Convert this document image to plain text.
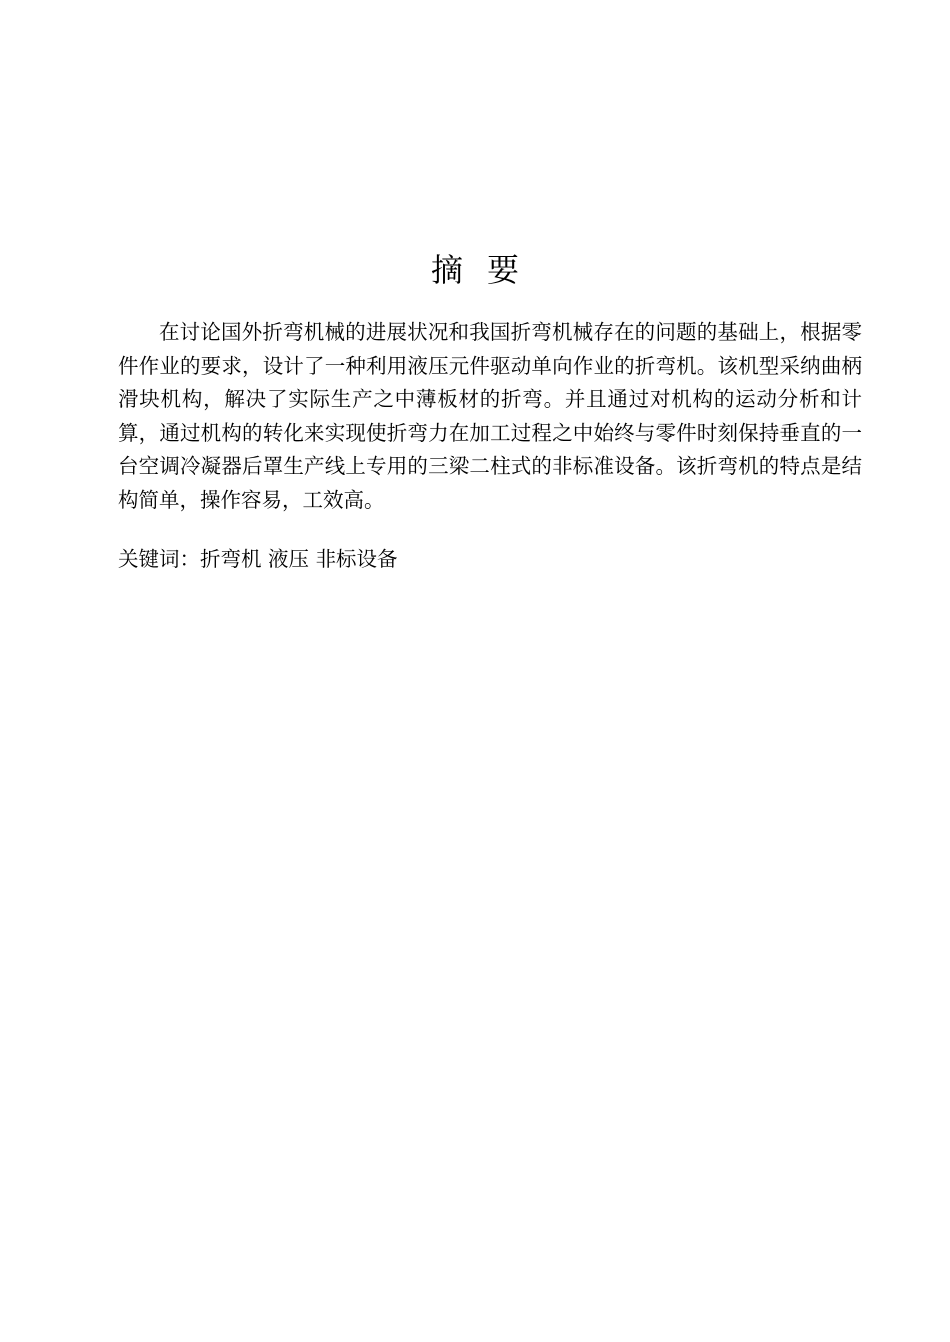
摘要

在讨论国外折弯机械的进展状况和我国折弯机械存在的问题的基础上，根据零件作业的要求，设计了一种利用液压元件驱动单向作业的折弯机。该机型采纳曲柄滑块机构，解决了实际生产之中薄板材的折弯。并且通过对机构的运动分析和计算，通过机构的转化来实现使折弯力在加工过程之中始终与零件时刻保持垂直的一台空调冷凝器后罩生产线上专用的三梁二柱式的非标准设备。该折弯机的特点是结构简单，操作容易，工效高。

关键词：折弯机 液压 非标设备
